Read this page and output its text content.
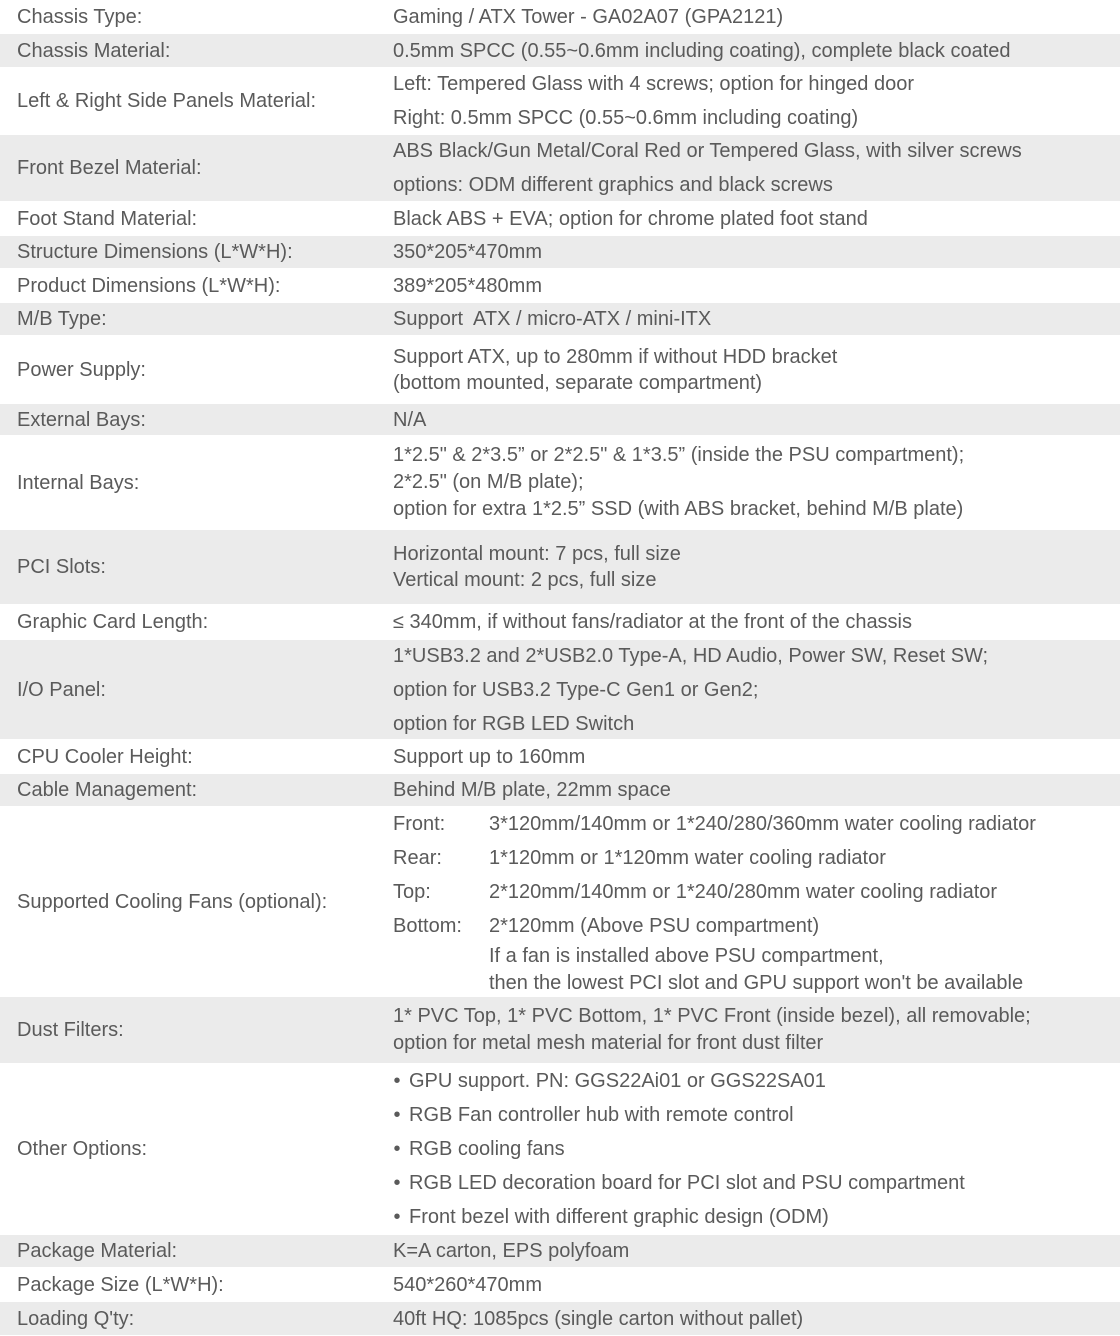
Chassis Type:	Gaming / ATX Tower - GA02A07 (GPA2121)
Chassis Material:	0.5mm SPCC (0.55~0.6mm including coating), complete black coated
Left & Right Side Panels Material:
Left: Tempered Glass with 4 screws; option for hinged door
Right: 0.5mm SPCC (0.55~0.6mm including coating)
Front Bezel Material:
ABS Black/Gun Metal/Coral Red or Tempered Glass, with silver screws
options: ODM different graphics and black screws
Foot Stand Material:	Black ABS + EVA; option for chrome plated foot stand
Structure Dimensions (L*W*H):	350*205*470mm
Product Dimensions (L*W*H):	389*205*480mm
M/B Type:	Support  ATX / micro-ATX / mini-ITX
Power Supply:
Support ATX, up to 280mm if without HDD bracket
(bottom mounted, separate compartment)
External Bays:	N/A
Internal Bays:
1*2.5" & 2*3.5” or 2*2.5" & 1*3.5” (inside the PSU compartment);
2*2.5" (on M/B plate);
option for extra 1*2.5” SSD (with ABS bracket, behind M/B plate)
PCI Slots:
Horizontal mount: 7 pcs, full size
Vertical mount: 2 pcs, full size
Graphic Card Length:	≤ 340mm, if without fans/radiator at the front of the chassis
I/O Panel:
1*USB3.2 and 2*USB2.0 Type-A, HD Audio, Power SW, Reset SW;
option for USB3.2 Type-C Gen1 or Gen2;
option for RGB LED Switch
CPU Cooler Height:	Support up to 160mm
Cable Management:	Behind M/B plate, 22mm space
Supported Cooling Fans (optional):
Front:	3*120mm/140mm or 1*240/280/360mm water cooling radiator
Rear:	1*120mm or 1*120mm water cooling radiator
Top:	2*120mm/140mm or 1*240/280mm water cooling radiator
Bottom:	2*120mm (Above PSU compartment)
If a fan is installed above PSU compartment,
then the lowest PCI slot and GPU support won't be available
Dust Filters:
1* PVC Top, 1* PVC Bottom, 1* PVC Front (inside bezel), all removable;
option for metal mesh material for front dust filter
Other Options:
• GPU support. PN: GGS22Ai01 or GGS22SA01
• RGB Fan controller hub with remote control
• RGB cooling fans
• RGB LED decoration board for PCI slot and PSU compartment
• Front bezel with different graphic design (ODM)
Package Material:	K=A carton, EPS polyfoam
Package Size (L*W*H):	540*260*470mm
Loading Q'ty:	40ft HQ: 1085pcs (single carton without pallet)
